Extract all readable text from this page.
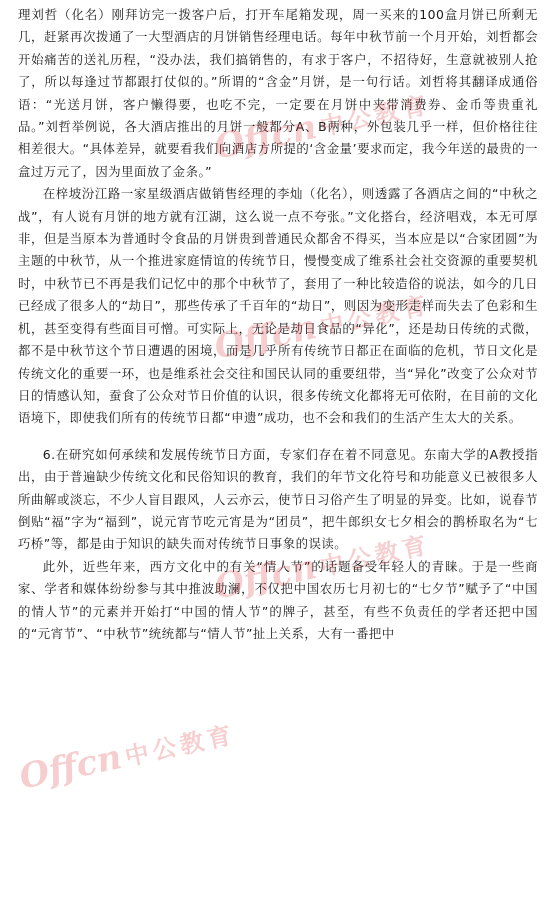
理刘哲（化名）刚拜访完一拨客户后，打开车尾箱发现，周一买来的100盒月饼已所剩无几，赶紧再次拨通了一大型酒店的月饼销售经理电话。每年中秋节前一个月开始，刘哲都会开始痛苦的送礼历程，“没办法，我们搞销售的，有求于客户，不招待好，生意就被别人抢了，所以每逢过节都跟打仗似的。”所谓的“含金”月饼，是一句行话。刘哲将其翻译成通俗语：“光送月饼，客户懒得要，也吃不完，一定要在月饼中夹带消费券、金币等贵重礼品。”刘哲举例说，各大酒店推出的月饼一般都分A、B两种，外包装几乎一样，但价格往往相差很大。“具体差异，就要看我们向酒店方所提的‘含金量’要求而定，我今年送的最贵的一盒过万元了，因为里面放了金条。”

在梓坡汾江路一家星级酒店做销售经理的李灿（化名），则透露了各酒店之间的“中秋之战”，有人说有月饼的地方就有江湖，这么说一点不夸张。”文化搭台，经济唱戏，本无可厚非，但是当原本为普通时令食品的月饼贵到普通民众都舍不得买，当本应是以“合家团圆”为主题的中秋节，从一个推进家庭情谊的传统节日，慢慢变成了维系社会社交资源的重要契机时，中秋节已不再是我们记忆中的那个中秋节了，套用了一种比较造俗的说法，如今的几日已经成了很多人的“劫日”，那些传承了千百年的“劫日”，则因为变形走样而失去了色彩和生机，甚至变得有些面目可憎。可实际上，无论是劫日食品的“异化”，还是劫日传统的式微，都不是中秋节这个节日遭遇的困境，而是几乎所有传统节日都正在面临的危机，节日文化是传统文化的重要一环，也是维系社会交往和国民认同的重要纽带，当“异化”改变了公众对节日的情感认知，蚕食了公众对节日价值的认识，很多传统文化都将无可依附，在目前的文化语境下，即使我们所有的传统节日都“申遗”成功，也不会和我们的生活产生太大的关系。

6.在研究如何承续和发展传统节日方面，专家们存在着不同意见。东南大学的A教授指出，由于普遍缺少传统文化和民俗知识的教育，我们的年节文化符号和功能意义已被很多人所曲解或淡忘，不少人盲目跟风，人云亦云，使节日习俗产生了明显的异变。比如，说春节倒贴“福”字为“福到”，说元宵节吃元宵是为“团员”，把牛郎织女七夕相会的鹊桥取名为“七巧桥”等，都是由于知识的缺失而对传统节日事象的误读。

此外，近些年来，西方文化中的有关“情人节”的话题备受年轻人的青睐。于是一些商家、学者和媒体纷纷参与其中推波助澜，不仅把中国农历七月初七的“七夕节”赋予了“中国的情人节”的元素并开始打“中国的情人节”的牌子，甚至，有些不负责任的学者还把中国的“元宵节”、“中秋节”统统都与“情人节”扯上关系，大有一番把中

Offcn
中公教育
Offcn
中公教育
Offcn
中公教育
Offcn
中公教育
